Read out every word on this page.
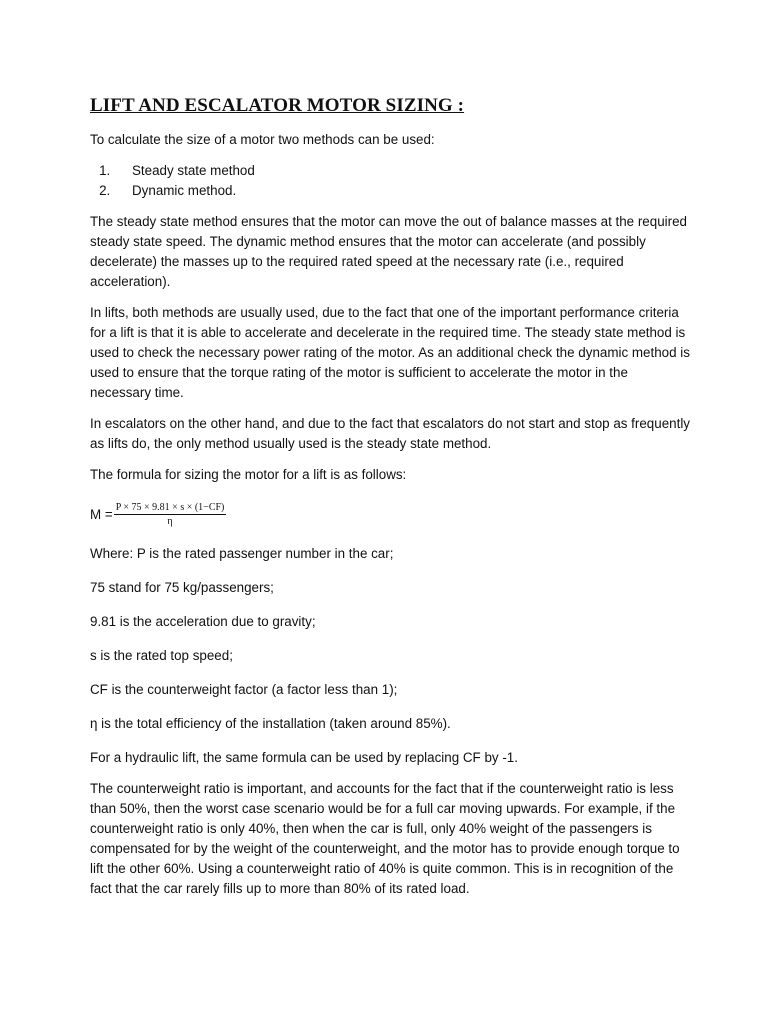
LIFT AND ESCALATOR MOTOR SIZING :

To calculate the size of a motor two methods can be used:

1. Steady state method
2. Dynamic method.

The steady state method ensures that the motor can move the out of balance masses at the required steady state speed. The dynamic method ensures that the motor can accelerate (and possibly decelerate) the masses up to the required rated speed at the necessary rate (i.e., required acceleration).

In lifts, both methods are usually used, due to the fact that one of the important performance criteria for a lift is that it is able to accelerate and decelerate in the required time. The steady state method is used to check the necessary power rating of the motor. As an additional check the dynamic method is used to ensure that the torque rating of the motor is sufficient to accelerate the motor in the necessary time.

In escalators on the other hand, and due to the fact that escalators do not start and stop as frequently as lifts do, the only method usually used is the steady state method.

The formula for sizing the motor for a lift is as follows:

$M = \frac{P \times 75 \times 9.81 \times s \times (1-CF)}{\eta}$

Where: P is the rated passenger number in the car;

75 stand for 75 kg/passengers;

9.81 is the acceleration due to gravity;

s is the rated top speed;

CF is the counterweight factor (a factor less than 1);

η is the total efficiency of the installation (taken around 85%).

For a hydraulic lift, the same formula can be used by replacing CF by -1.

The counterweight ratio is important, and accounts for the fact that if the counterweight ratio is less than 50%, then the worst case scenario would be for a full car moving upwards. For example, if the counterweight ratio is only 40%, then when the car is full, only 40% weight of the passengers is compensated for by the weight of the counterweight, and the motor has to provide enough torque to lift the other 60%. Using a counterweight ratio of 40% is quite common. This is in recognition of the fact that the car rarely fills up to more than 80% of its rated load.
